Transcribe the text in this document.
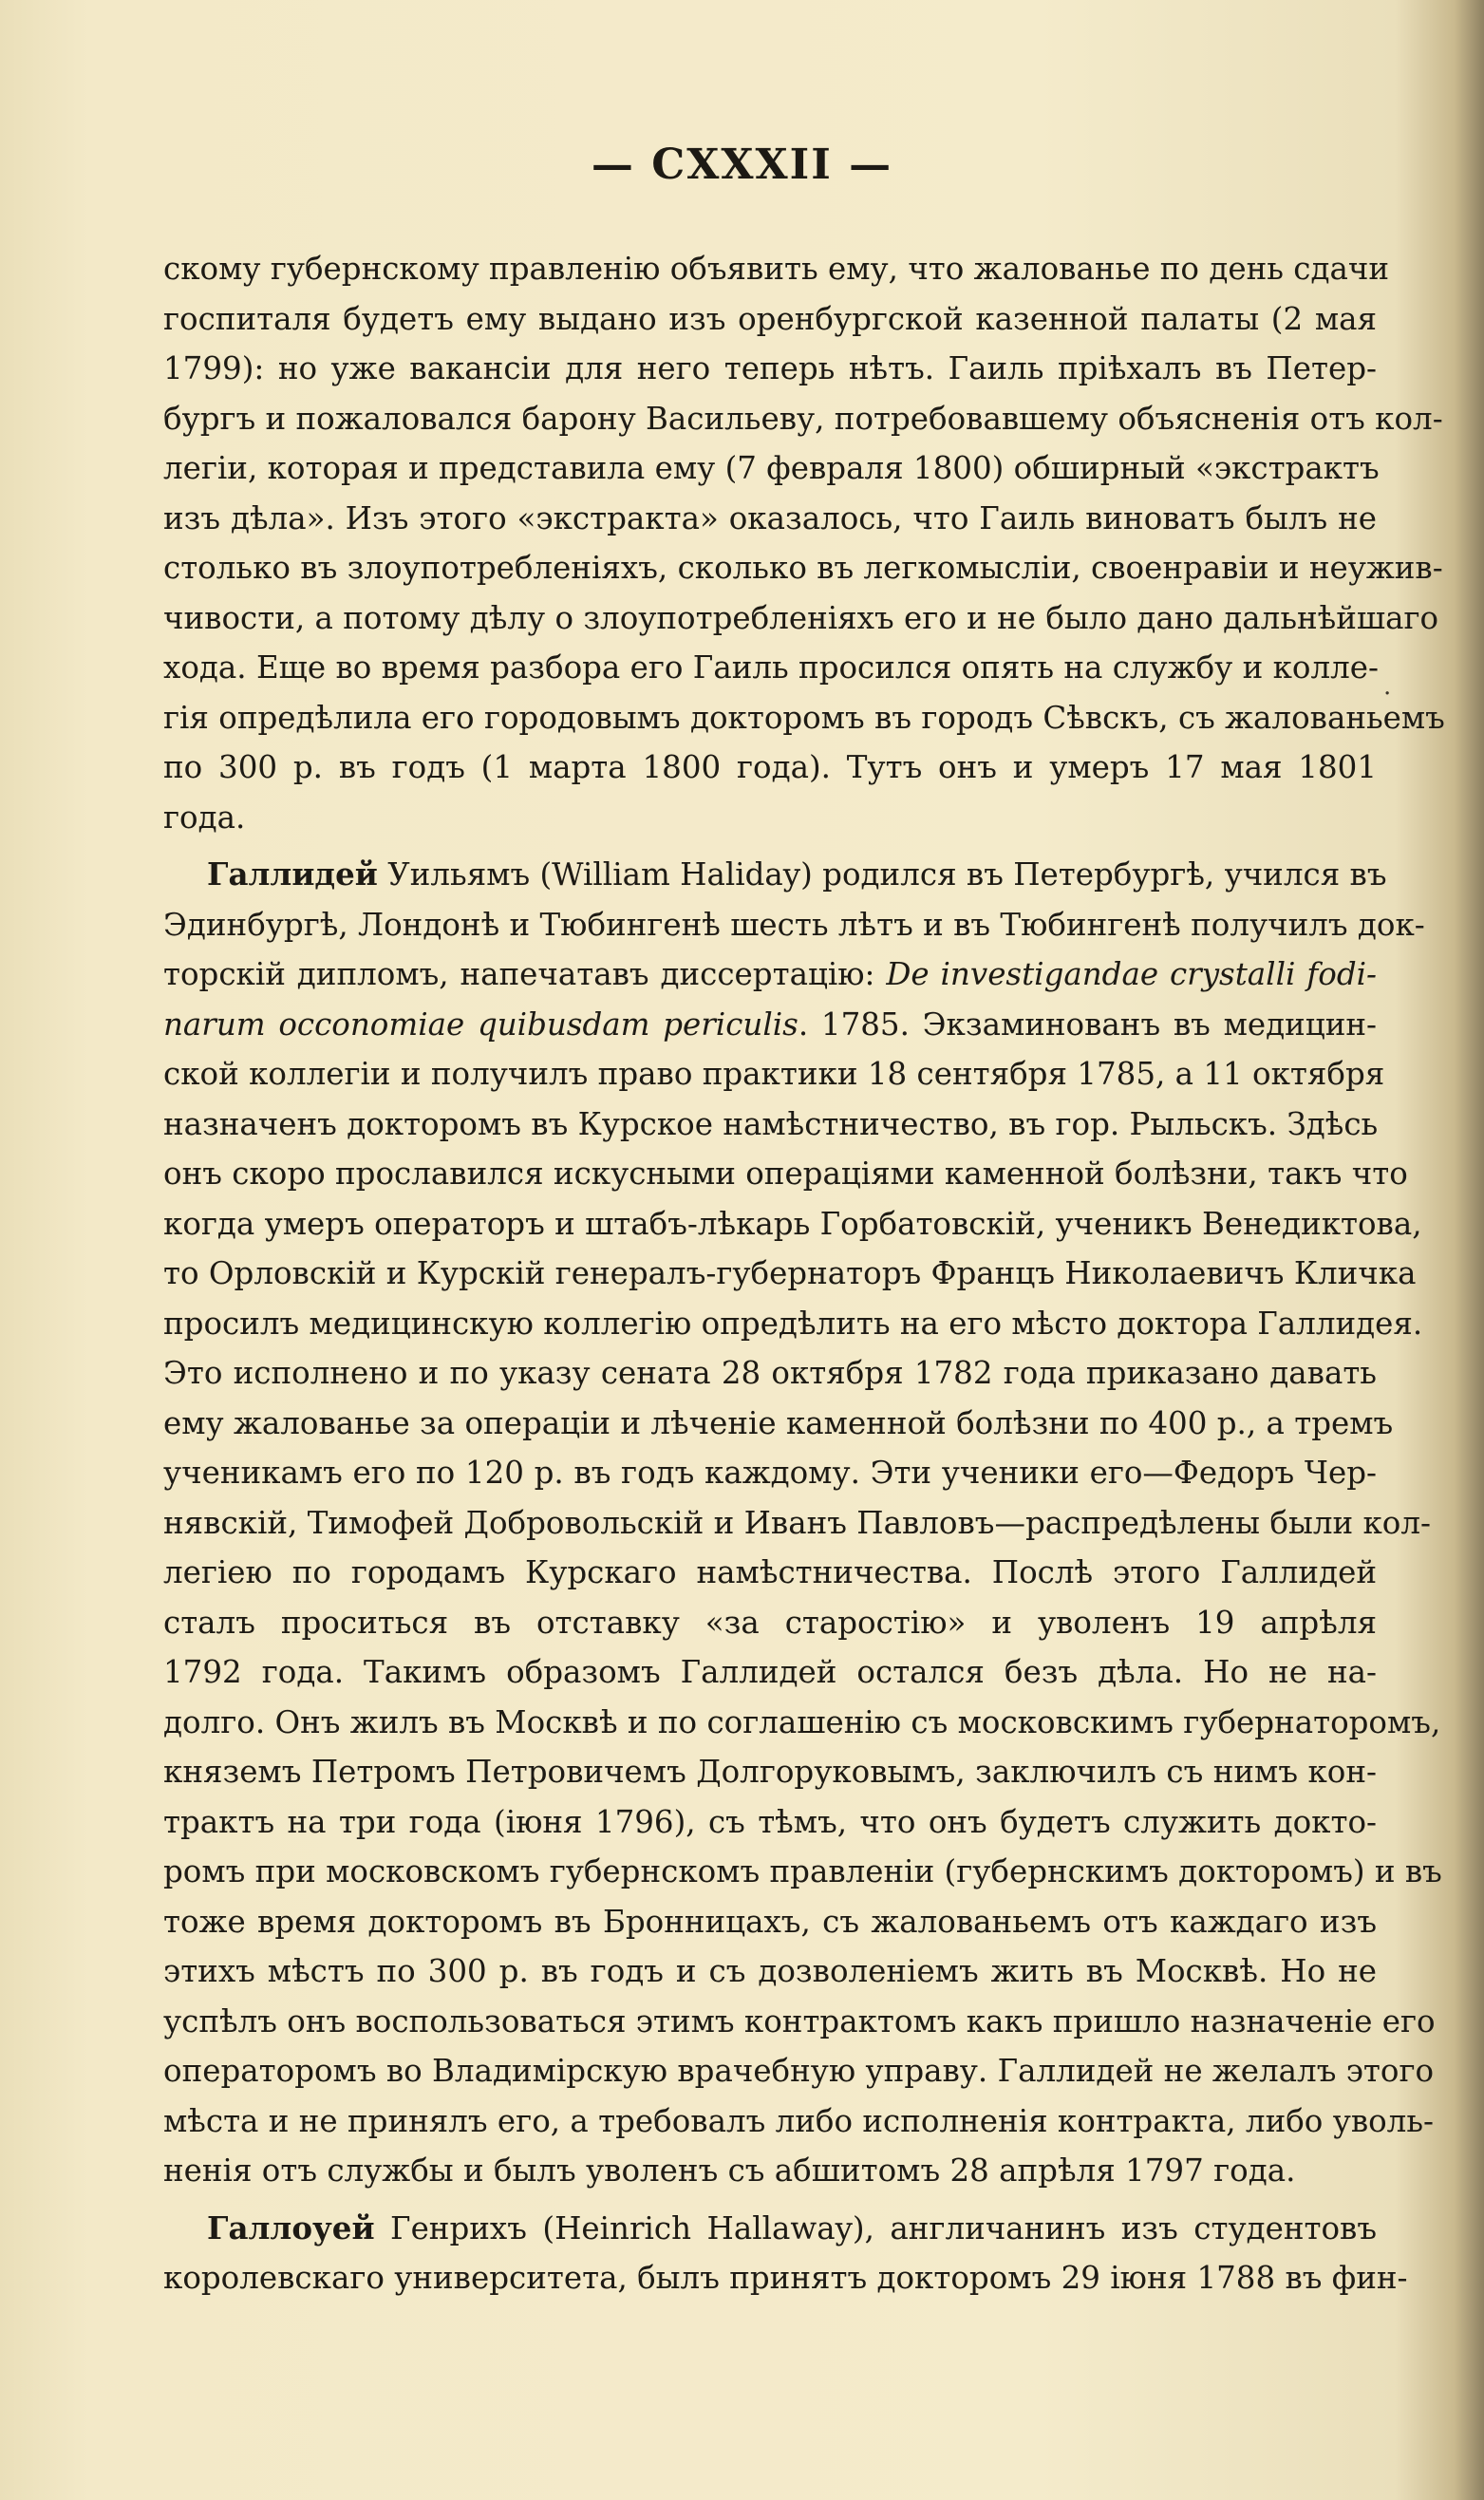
— CXXXII —
скому губернскому правленію объявить ему, что жалованье по день сдачи
госпиталя будетъ ему выдано изъ оренбургской казенной палаты (2 мая
1799): но уже вакансіи для него теперь нѣтъ. Гаиль пріѣхалъ въ Петер-
бургъ и пожаловался барону Васильеву, потребовавшему объясненія отъ кол-
легіи, которая и представила ему (7 февраля 1800) обширный «экстрактъ
изъ дѣла». Изъ этого «экстракта» оказалось, что Гаиль виноватъ былъ не
столько въ злоупотребленіяхъ, сколько въ легкомысліи, своенравіи и неужив-
чивости, а потому дѣлу о злоупотребленіяхъ его и не было дано дальнѣйшаго
хода. Еще во время разбора его Гаиль просился опять на службу и колле-
гія опредѣлила его городовымъ докторомъ въ городъ Сѣвскъ, съ жалованьемъ
по 300 р. въ годъ (1 марта 1800 года). Тутъ онъ и умеръ 17 мая 1801
года.
Галлидей Уильямъ (William Haliday) родился въ Петербургѣ, учился въ
Эдинбургѣ, Лондонѣ и Тюбингенѣ шесть лѣтъ и въ Тюбингенѣ получилъ док-
торскій дипломъ, напечатавъ диссертацію: De investigandae crystalli fodi-
narum occonomiae quibusdam periculis. 1785. Экзаминованъ въ медицин-
ской коллегіи и получилъ право практики 18 сентября 1785, а 11 октября
назначенъ докторомъ въ Курское намѣстничество, въ гор. Рыльскъ. Здѣсь
онъ скоро прославился искусными операціями каменной болѣзни, такъ что
когда умеръ операторъ и штабъ-лѣкарь Горбатовскій, ученикъ Венедиктова,
то Орловскій и Курскій генералъ-губернаторъ Францъ Николаевичъ Кличка
просилъ медицинскую коллегію опредѣлить на его мѣсто доктора Галлидея.
Это исполнено и по указу сената 28 октября 1782 года приказано давать
ему жалованье за операціи и лѣченіе каменной болѣзни по 400 р., а тремъ
ученикамъ его по 120 р. въ годъ каждому. Эти ученики его—Федоръ Чер-
нявскій, Тимофей Добровольскій и Иванъ Павловъ—распредѣлены были кол-
легіею по городамъ Курскаго намѣстничества. Послѣ этого Галлидей
сталъ проситься въ отставку «за старостію» и уволенъ 19 апрѣля
1792 года. Такимъ образомъ Галлидей остался безъ дѣла. Но не на-
долго. Онъ жилъ въ Москвѣ и по соглашенію съ московскимъ губернаторомъ,
княземъ Петромъ Петровичемъ Долгоруковымъ, заключилъ съ нимъ кон-
трактъ на три года (іюня 1796), съ тѣмъ, что онъ будетъ служить докто-
ромъ при московскомъ губернскомъ правленіи (губернскимъ докторомъ) и въ
тоже время докторомъ въ Бронницахъ, съ жалованьемъ отъ каждаго изъ
этихъ мѣстъ по 300 р. въ годъ и съ дозволеніемъ жить въ Москвѣ. Но не
успѣлъ онъ воспользоваться этимъ контрактомъ какъ пришло назначеніе его
операторомъ во Владимірскую врачебную управу. Галлидей не желалъ этого
мѣста и не принялъ его, а требовалъ либо исполненія контракта, либо уволь-
ненія отъ службы и былъ уволенъ съ абшитомъ 28 апрѣля 1797 года.
Галлоуей Генрихъ (Heinrich Hallaway), англичанинъ изъ студентовъ
королевскаго университета, былъ принятъ докторомъ 29 іюня 1788 въ фин-
.
